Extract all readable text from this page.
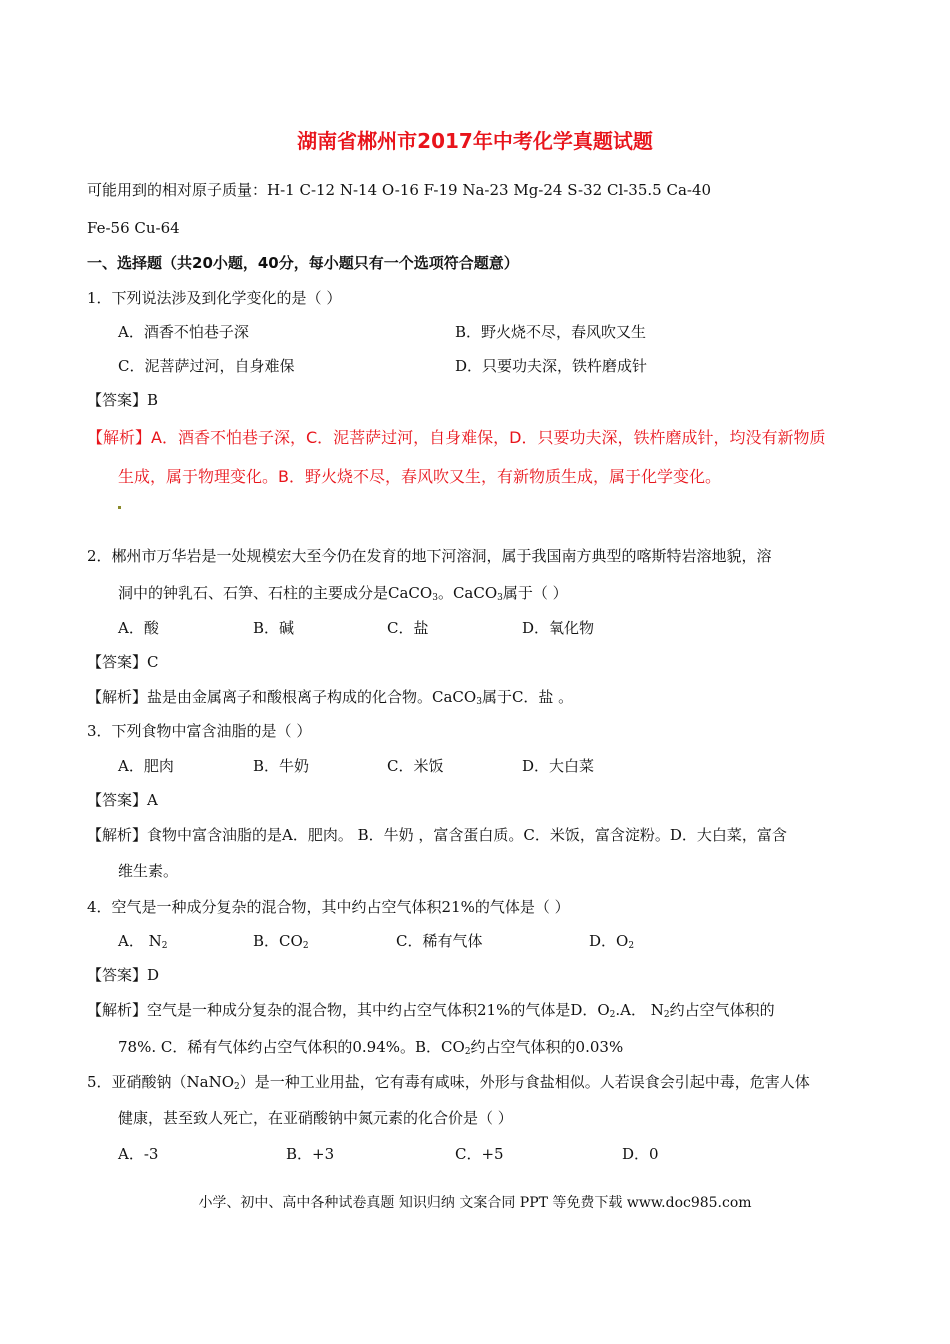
湖南省郴州市2017年中考化学真题试题
可能用到的相对原子质量：H-1 C-12 N-14 O-16 F-19 Na-23 Mg-24 S-32 Cl-35.5 Ca-40
Fe-56 Cu-64
一、选择题（共20小题，40分，每小题只有一个选项符合题意）
1．下列说法涉及到化学变化的是（ ）
A．酒香不怕巷子深	B．野火烧不尽，春风吹又生
C．泥菩萨过河，自身难保	D．只要功夫深，铁杵磨成针
【答案】B
【解析】A．酒香不怕巷子深，C．泥菩萨过河，自身难保，D．只要功夫深，铁杵磨成针，均没有新物质
生成，属于物理变化。B．野火烧不尽，春风吹又生，有新物质生成，属于化学变化。
2．郴州市万华岩是一处规模宏大至今仍在发育的地下河溶洞，属于我国南方典型的喀斯特岩溶地貌，溶
洞中的钟乳石、石笋、石柱的主要成分是CaCO$_3$。CaCO$_3$属于（ ）
A．酸	B．碱	C．盐	D．氧化物
【答案】C
【解析】盐是由金属离子和酸根离子构成的化合物。CaCO$_3$属于C．盐 。
3．下列食物中富含油脂的是（ ）
A．肥肉	B．牛奶	C．米饭	D．大白菜
【答案】A
【解析】食物中富含油脂的是A．肥肉。 B．牛奶 ，富含蛋白质。C．米饭，富含淀粉。D．大白菜，富含
维生素。
4．空气是一种成分复杂的混合物，其中约占空气体积21%的气体是（ ）
A． $N_2$	B．$CO_2$	C．稀有气体	D．$O_2$
【答案】D
【解析】空气是一种成分复杂的混合物，其中约占空气体积21%的气体是D．$O_2.A$． $N_2$约占空气体积的
78%. C．稀有气体约占空气体积的0.94%。B．$CO_2$约占空气体积的0.03%
5．亚硝酸钠（NaNO$_2$）是一种工业用盐，它有毒有咸味，外形与食盐相似。人若误食会引起中毒，危害人体
健康，甚至致人死亡，在亚硝酸钠中氮元素的化合价是（ ）
A．-3	B．+3	C．+5	D．0
小学、初中、高中各种试卷真题 知识归纳 文案合同 PPT 等免费下载 www.doc985.com
